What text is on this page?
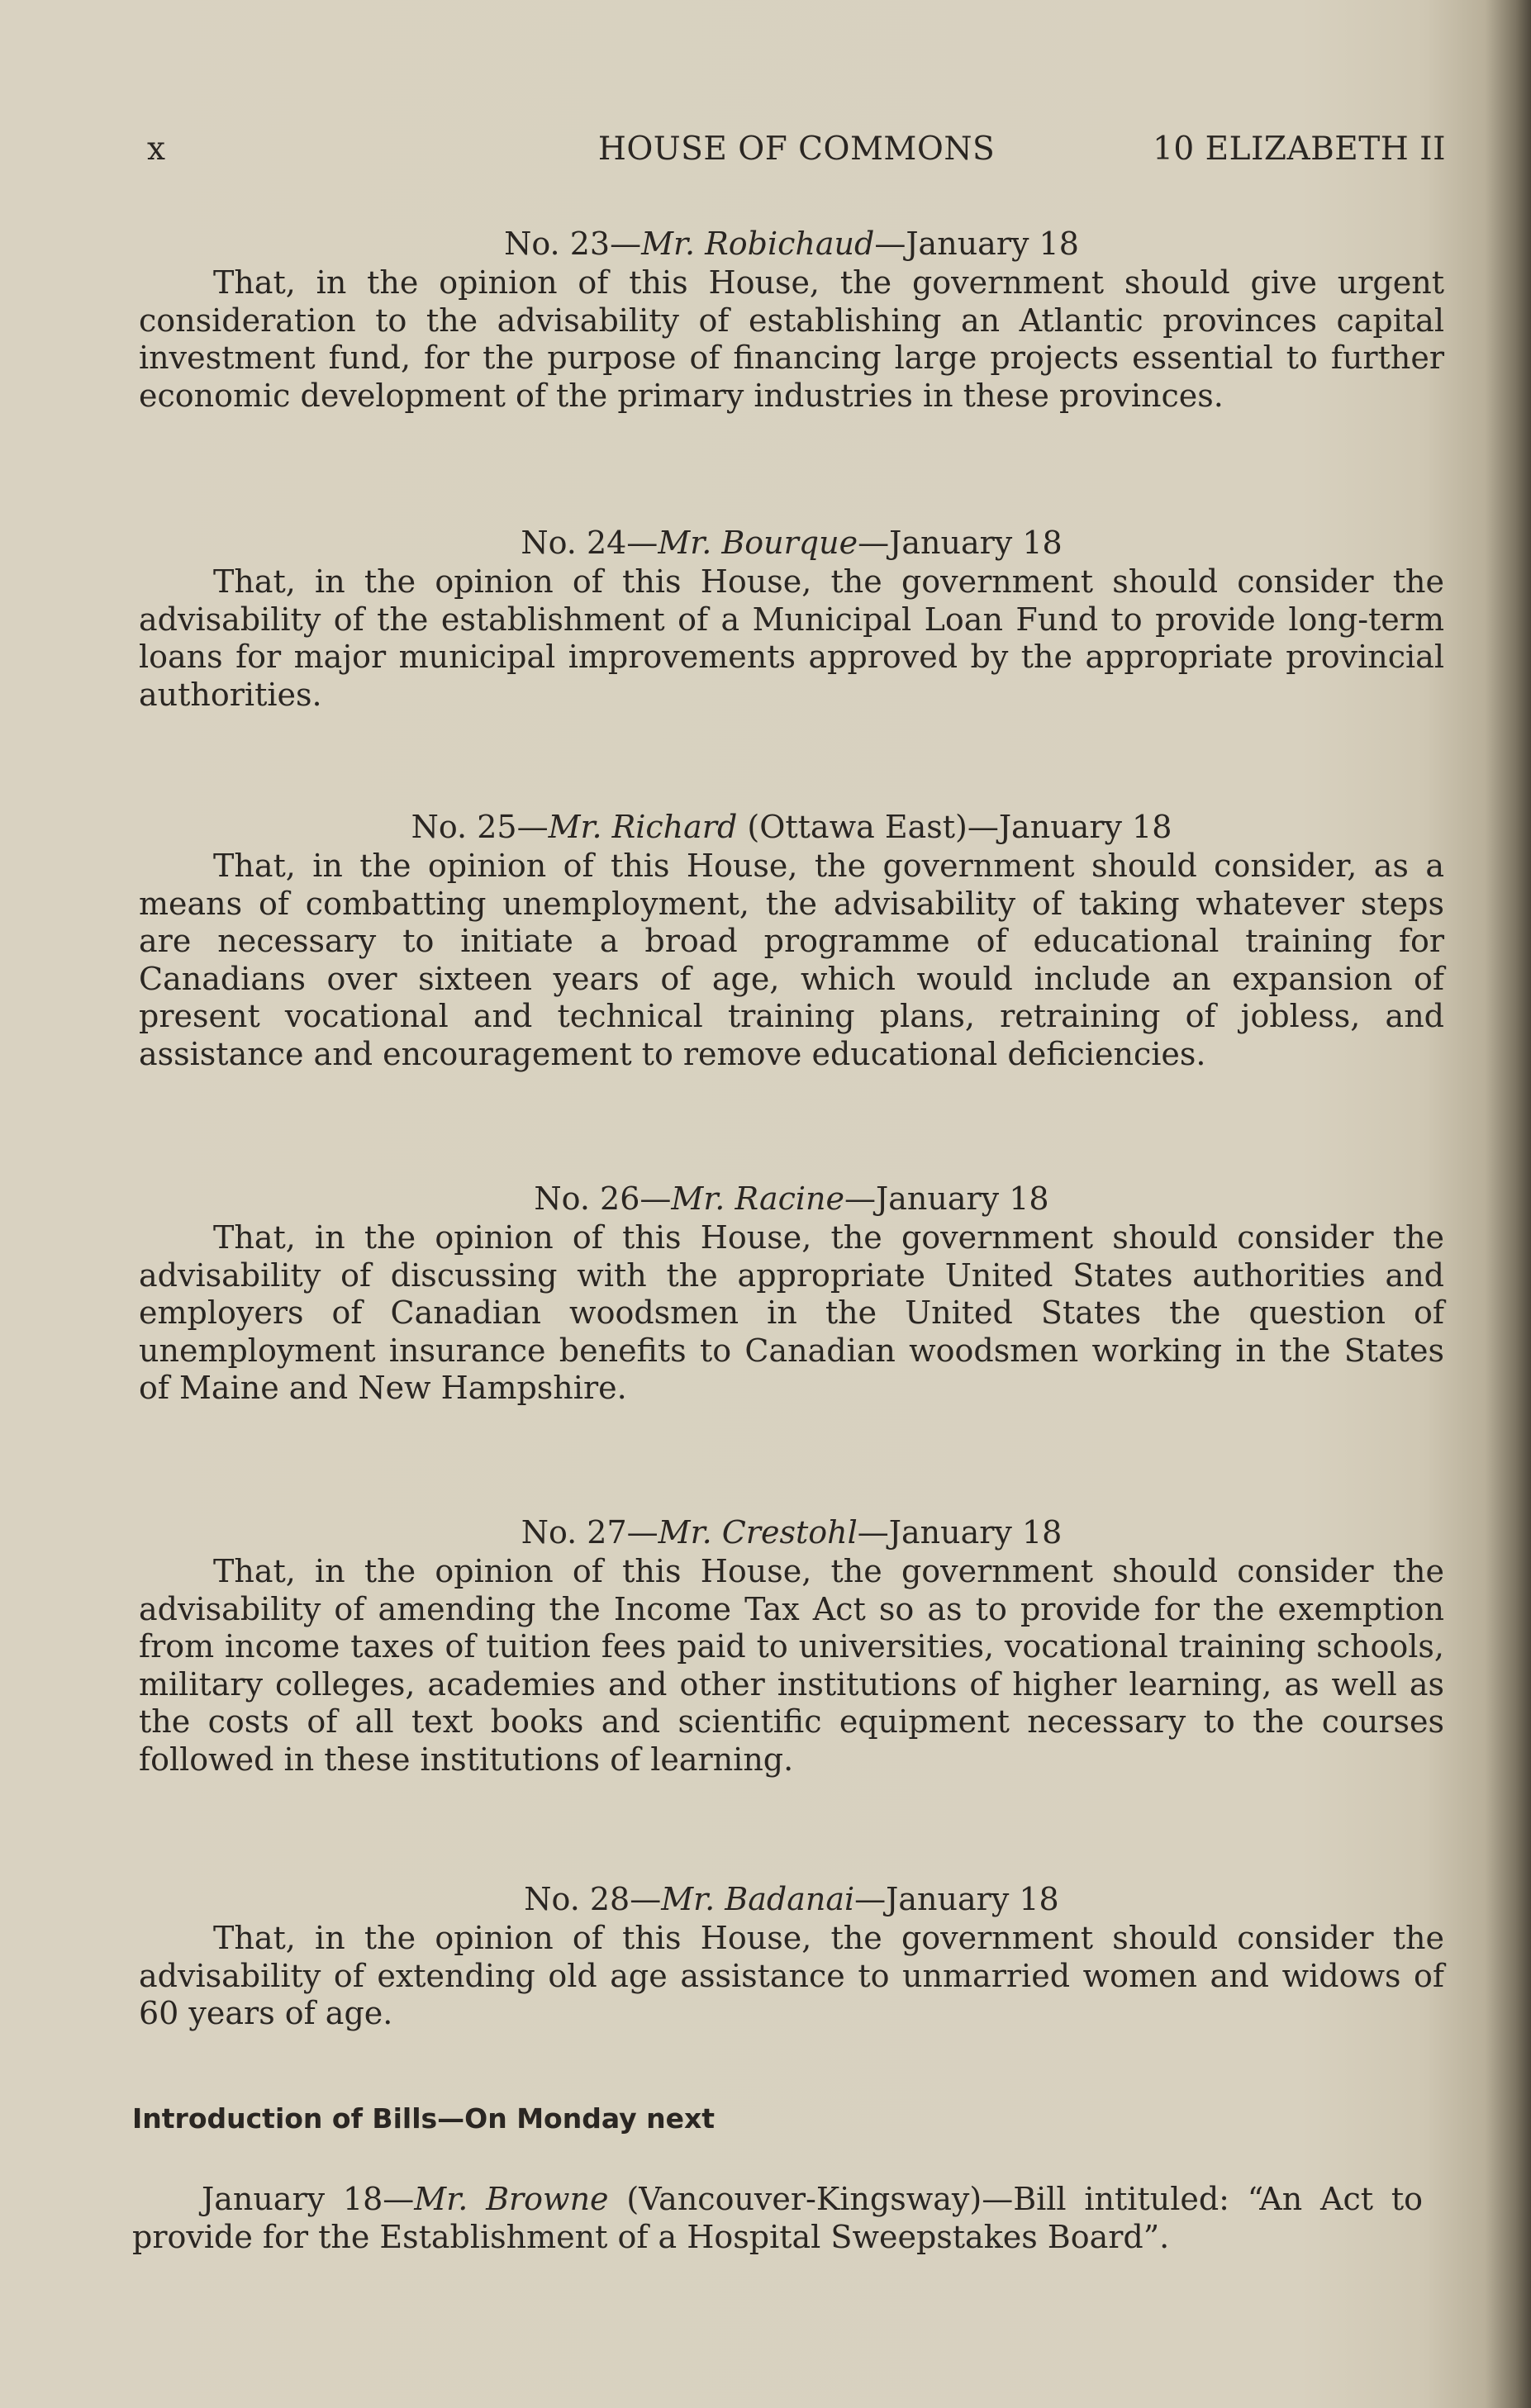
x	HOUSE OF COMMONS	10 ELIZABETH II
No. 23—Mr. Robichaud—January 18

That, in the opinion of this House, the government should give urgent consideration to the advisability of establishing an Atlantic provinces capital investment fund, for the purpose of financing large projects essential to further economic development of the primary industries in these provinces.

No. 24—Mr. Bourque—January 18

That, in the opinion of this House, the government should consider the advisability of the establishment of a Municipal Loan Fund to provide long-term loans for major municipal improvements approved by the appropriate provincial authorities.

No. 25—Mr. Richard (Ottawa East)—January 18

That, in the opinion of this House, the government should consider, as a means of combatting unemployment, the advisability of taking whatever steps are necessary to initiate a broad programme of educational training for Canadians over sixteen years of age, which would include an expansion of present vocational and technical training plans, retraining of jobless, and assistance and encouragement to remove educational deficiencies.

No. 26—Mr. Racine—January 18

That, in the opinion of this House, the government should consider the advisability of discussing with the appropriate United States authorities and employers of Canadian woodsmen in the United States the question of unemployment insurance benefits to Canadian woodsmen working in the States of Maine and New Hampshire.

No. 27—Mr. Crestohl—January 18

That, in the opinion of this House, the government should consider the advisability of amending the Income Tax Act so as to provide for the exemption from income taxes of tuition fees paid to universities, vocational training schools, military colleges, academies and other institutions of higher learning, as well as the costs of all text books and scientific equipment necessary to the courses followed in these institutions of learning.

No. 28—Mr. Badanai—January 18

That, in the opinion of this House, the government should consider the advisability of extending old age assistance to unmarried women and widows of 60 years of age.

Introduction of Bills—On Monday next

January 18—Mr. Browne (Vancouver-Kingsway)—Bill intituled: “An Act to provide for the Establishment of a Hospital Sweepstakes Board”.
